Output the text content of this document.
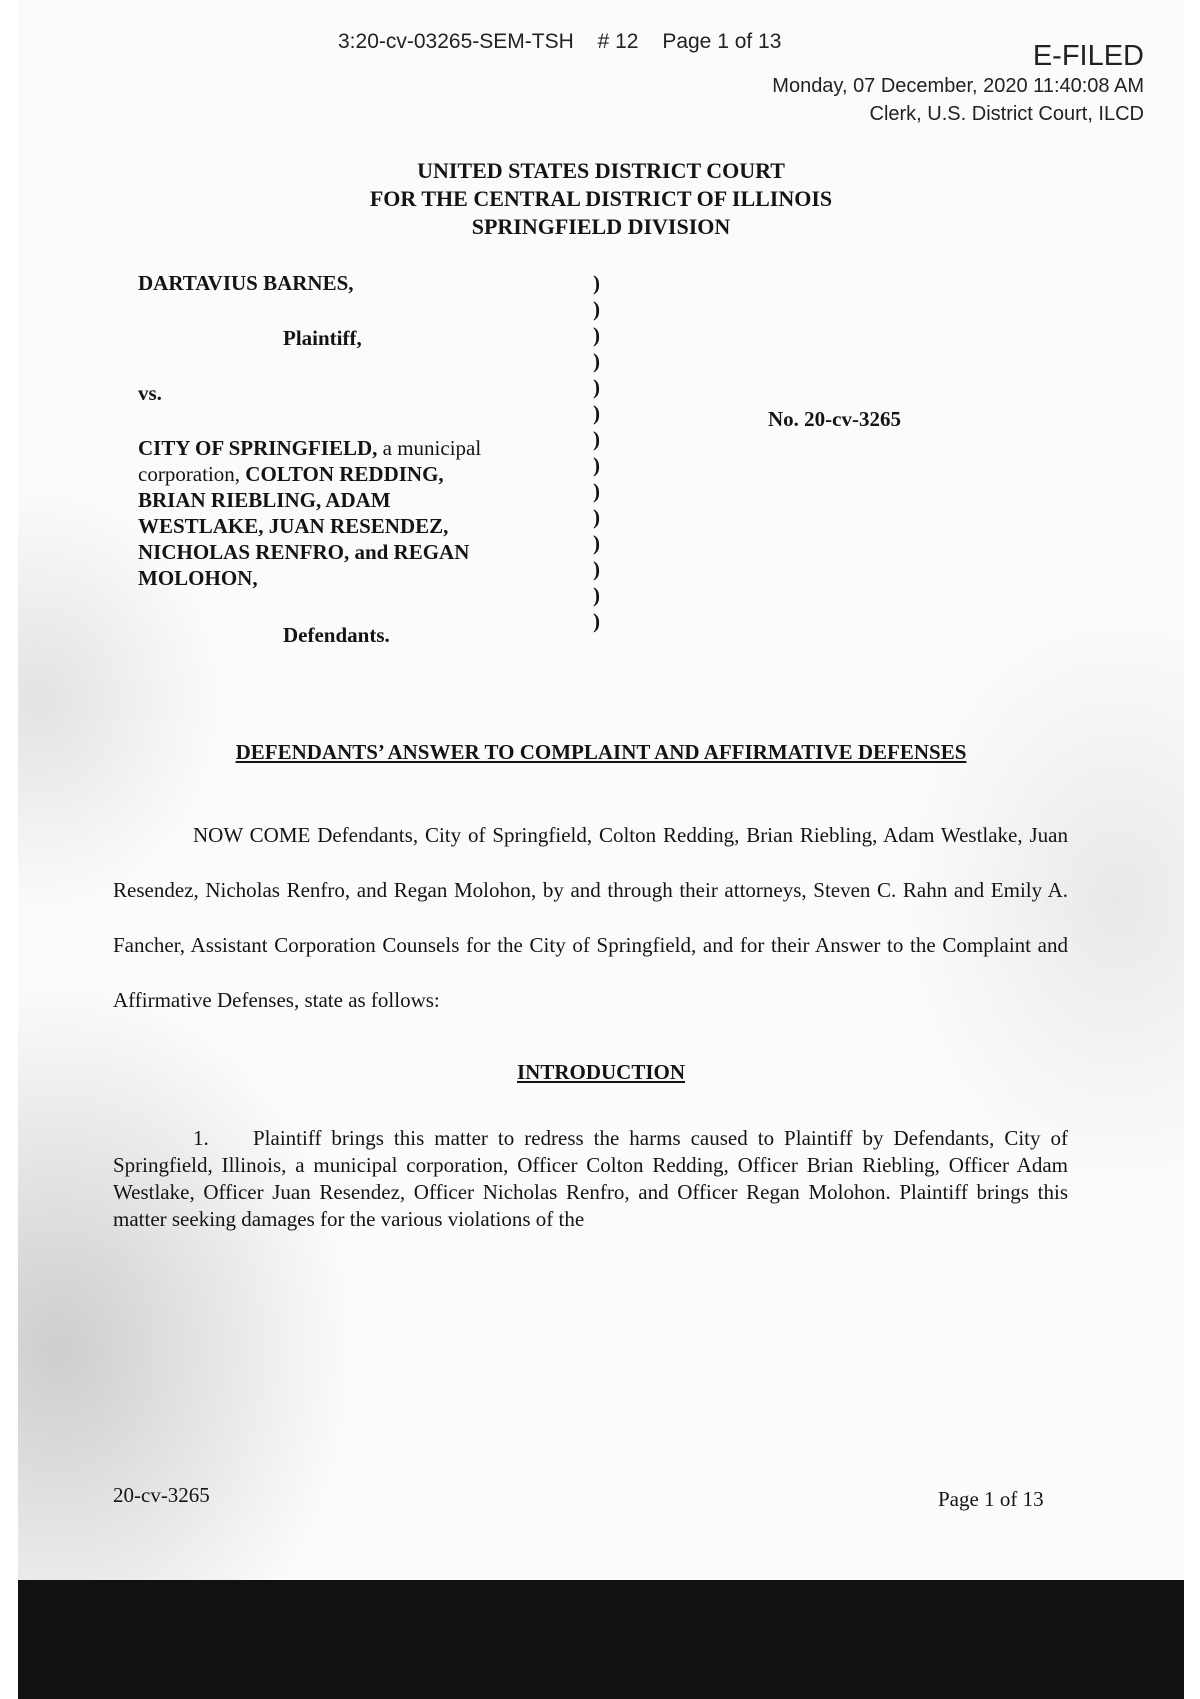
3:20-cv-03265-SEM-TSH # 12 Page 1 of 13	E-FILED
Monday, 07 December, 2020 11:40:08 AM
Clerk, U.S. District Court, ILCD
UNITED STATES DISTRICT COURT
FOR THE CENTRAL DISTRICT OF ILLINOIS
SPRINGFIELD DIVISION
DARTAVIUS BARNES,
Plaintiff,
vs.
CITY OF SPRINGFIELD, a municipal
corporation, COLTON REDDING,
BRIAN RIEBLING, ADAM
WESTLAKE, JUAN RESENDEZ,
NICHOLAS RENFRO, and REGAN
MOLOHON,
Defendants.
)
)
)
)
)
)
)
)
)
)
)
)
)
)
No. 20-cv-3265
DEFENDANTS’ ANSWER TO COMPLAINT AND AFFIRMATIVE DEFENSES
NOW COME Defendants, City of Springfield, Colton Redding, Brian Riebling, Adam Westlake, Juan Resendez, Nicholas Renfro, and Regan Molohon, by and through their attorneys, Steven C. Rahn and Emily A. Fancher, Assistant Corporation Counsels for the City of Springfield, and for their Answer to the Complaint and Affirmative Defenses, state as follows:
INTRODUCTION
1. Plaintiff brings this matter to redress the harms caused to Plaintiff by Defendants, City of Springfield, Illinois, a municipal corporation, Officer Colton Redding, Officer Brian Riebling, Officer Adam Westlake, Officer Juan Resendez, Officer Nicholas Renfro, and Officer Regan Molohon. Plaintiff brings this matter seeking damages for the various violations of the
20-cv-3265	Page 1 of 13
